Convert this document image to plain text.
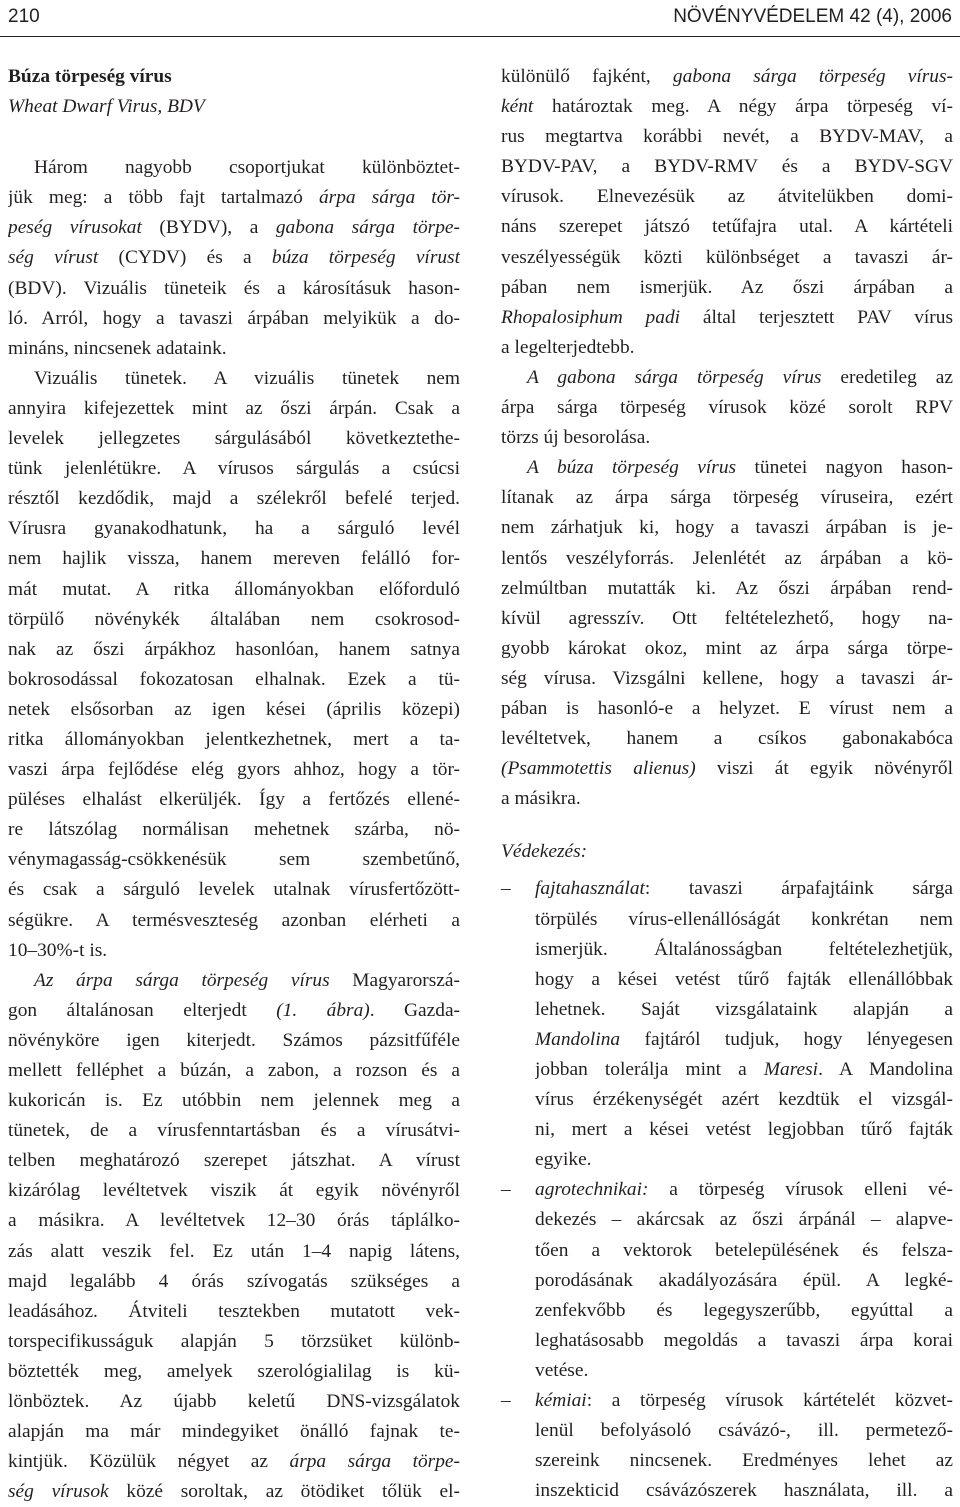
210	NÖVÉNYVÉDELEM 42 (4), 2006
Búza törpeség vírus
Wheat Dwarf Virus, BDV
Három nagyobb csoportjukat különböztet-
jük meg: a több fajt tartalmazó árpa sárga tör-
peség vírusokat (BYDV), a gabona sárga törpe-
ség vírust (CYDV) és a búza törpeség vírust
(BDV). Vizuális tüneteik és a károsításuk hason-
ló. Arról, hogy a tavaszi árpában melyikük a do-
mináns, nincsenek adataink.
Vizuális tünetek. A vizuális tünetek nem
annyira kifejezettek mint az őszi árpán. Csak a
levelek jellegzetes sárgulásából következtethe-
tünk jelenlétükre. A vírusos sárgulás a csúcsi
résztől kezdődik, majd a szélekről befelé terjed.
Vírusra gyanakodhatunk, ha a sárguló levél
nem hajlik vissza, hanem mereven felálló for-
mát mutat. A ritka állományokban előforduló
törpülő növénykék általában nem csokrosod-
nak az őszi árpákhoz hasonlóan, hanem satnya
bokrosodással fokozatosan elhalnak. Ezek a tü-
netek elsősorban az igen kései (április közepi)
ritka állományokban jelentkezhetnek, mert a ta-
vaszi árpa fejlődése elég gyors ahhoz, hogy a tör-
püléses elhalást elkerüljék. Így a fertőzés ellené-
re látszólag normálisan mehetnek szárba, nö-
vénymagasság-csökkenésük sem szembetűnő,
és csak a sárguló levelek utalnak vírusfertőzött-
ségükre. A termésveszteség azonban elérheti a
10–30%-t is.
Az árpa sárga törpeség vírus Magyarorszá-
gon általánosan elterjedt (1. ábra). Gazda-
növényköre igen kiterjedt. Számos pázsitfűféle
mellett felléphet a búzán, a zabon, a rozson és a
kukoricán is. Ez utóbbin nem jelennek meg a
tünetek, de a vírusfenntartásban és a vírusátvi-
telben meghatározó szerepet játszhat. A vírust
kizárólag levéltetvek viszik át egyik növényről
a másikra. A levéltetvek 12–30 órás táplálko-
zás alatt veszik fel. Ez után 1–4 napig látens,
majd legalább 4 órás szívogatás szükséges a
leadásához. Átviteli tesztekben mutatott vek-
torspecifikusságuk alapján 5 törzsüket különb-
böztették meg, amelyek szerológialilag is kü-
lönböztek. Az újabb keletű DNS-vizsgálatok
alapján ma már mindegyiket önálló fajnak te-
kintjük. Közülük négyet az árpa sárga törpe-
ség vírusok közé soroltak, az ötödiket tőlük el-
különülő fajként, gabona sárga törpeség vírus-
ként határoztak meg. A négy árpa törpeség ví-
rus megtartva korábbi nevét, a BYDV-MAV, a
BYDV-PAV, a BYDV-RMV és a BYDV-SGV
vírusok. Elnevezésük az átvitelükben domi-
náns szerepet játszó tetűfajra utal. A kártételi
veszélyességük közti különbséget a tavaszi ár-
pában nem ismerjük. Az őszi árpában a
Rhopalosiphum padi által terjesztett PAV vírus
a legelterjedtebb.
A gabona sárga törpeség vírus eredetileg az
árpa sárga törpeség vírusok közé sorolt RPV
törzs új besorolása.
A búza törpeség vírus tünetei nagyon hason-
lítanak az árpa sárga törpeség víruseira, ezért
nem zárhatjuk ki, hogy a tavaszi árpában is je-
lentős veszélyforrás. Jelenlétét az árpában a kö-
zelmúltban mutatták ki. Az őszi árpában rend-
kívül agresszív. Ott feltételezhető, hogy na-
gyobb károkat okoz, mint az árpa sárga törpe-
ség vírusa. Vizsgálni kellene, hogy a tavaszi ár-
pában is hasonló-e a helyzet. E vírust nem a
levéltetvek, hanem a csíkos gabonakabóca
(Psammotettis alienus) viszi át egyik növényről
a másikra.
Védekezés:
– fajtahasználat: tavaszi árpafajtáink sárga
törpülés vírus-ellenállóságát konkrétan nem
ismerjük. Általánosságban feltételezhetjük,
hogy a kései vetést tűrő fajták ellenállóbbak
lehetnek. Saját vizsgálataink alapján a
Mandolina fajtáról tudjuk, hogy lényegesen
jobban tolerálja mint a Maresi. A Mandolina
vírus érzékenységét azért kezdtük el vizsgál-
ni, mert a kései vetést legjobban tűrő fajták
egyike.
– agrotechnikai: a törpeség vírusok elleni vé-
dekezés – akárcsak az őszi árpánál – alapve-
tően a vektorok betelepülésének és felsza-
porodásának akadályozására épül. A legké-
zenfekvőbb és legegyszerűbb, egyúttal a
leghatásosabb megoldás a tavaszi árpa korai
vetése.
– kémiai: a törpeség vírusok kártételét közvet-
lenül befolyásoló csávázó-, ill. permetező-
szereink nincsenek. Eredményes lehet az
inszekticid csávázószerek használata, ill. a
